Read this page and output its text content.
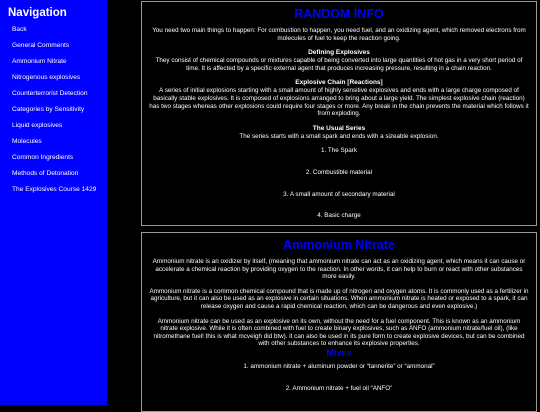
Navigation
Back
General Comments
Ammonium Nitrate
Nitrogenous explosives
Counterterrorist Detection
Categories by Sensitivity
Liquid explosives
Molecules
Common Ingredients
Methods of Detonation
The Explosives Course 1429
RANDOM INFO

You need two main things to happen: For combustion to happen, you need fuel, and an oxidizing agent, which removed electrons from molecules of fuel to keep the reaction going.

Defining Explosives

They consist of chemical compounds or mixtures capable of being converted into large quantities of hot gas in a very short period of time. It is affected by a specific external agent that produces increasing pressure, resulting in a chain reaction.

Explosive Chain [Reactions]

A series of initial explosions starting with a small amount of highly sensitive explosives and ends with a large charge composed of basically stable explosives. It is composed of explosions arranged to bring about a large yield. The simplest explosive chain (reaction) has two stages whereas other explosions could require four stages or more. Any break in the chain prevents the material which follows it from exploding.

The Usual Series

The series starts with a small spark and ends with a sizeable explosion.

1. The Spark
2. Combustible material
3. A small amount of secondary material
4. Basic charge
Ammonium Nitrate

Ammonium nitrate is an oxidizer by itself, (meaning that ammonium nitrate can act as an oxidizing agent, which means it can cause or accelerate a chemical reaction by providing oxygen to the reaction. In other words, it can help to burn or react with other substances more easily.

Ammonium nitrate is a common chemical compound that is made up of nitrogen and oxygen atoms. It is commonly used as a fertilizer in agriculture, but it can also be used as an explosive in certain situations. When ammonium nitrate is heated or exposed to a spark, it can release oxygen and cause a rapid chemical reaction, which can be dangerous and even explosive.)

Ammonium nitrate can be used as an explosive on its own, without the need for a fuel component. This is known as an ammonium nitrate explosive. While it is often combined with fuel to create binary explosives, such as ANFO (ammonium nitrate/fuel oil), (like nitromethane fuel! this is what mcveigh did btw). it can also be used in its pure form to create explosive devices, but can be combined with other substances to enhance its explosive properties.

Mixes
1. ammonium nitrate + aluminum powder or “tannerite” or “ammonal”
2. Ammonium nitrate + fuel oil “ANFO”
